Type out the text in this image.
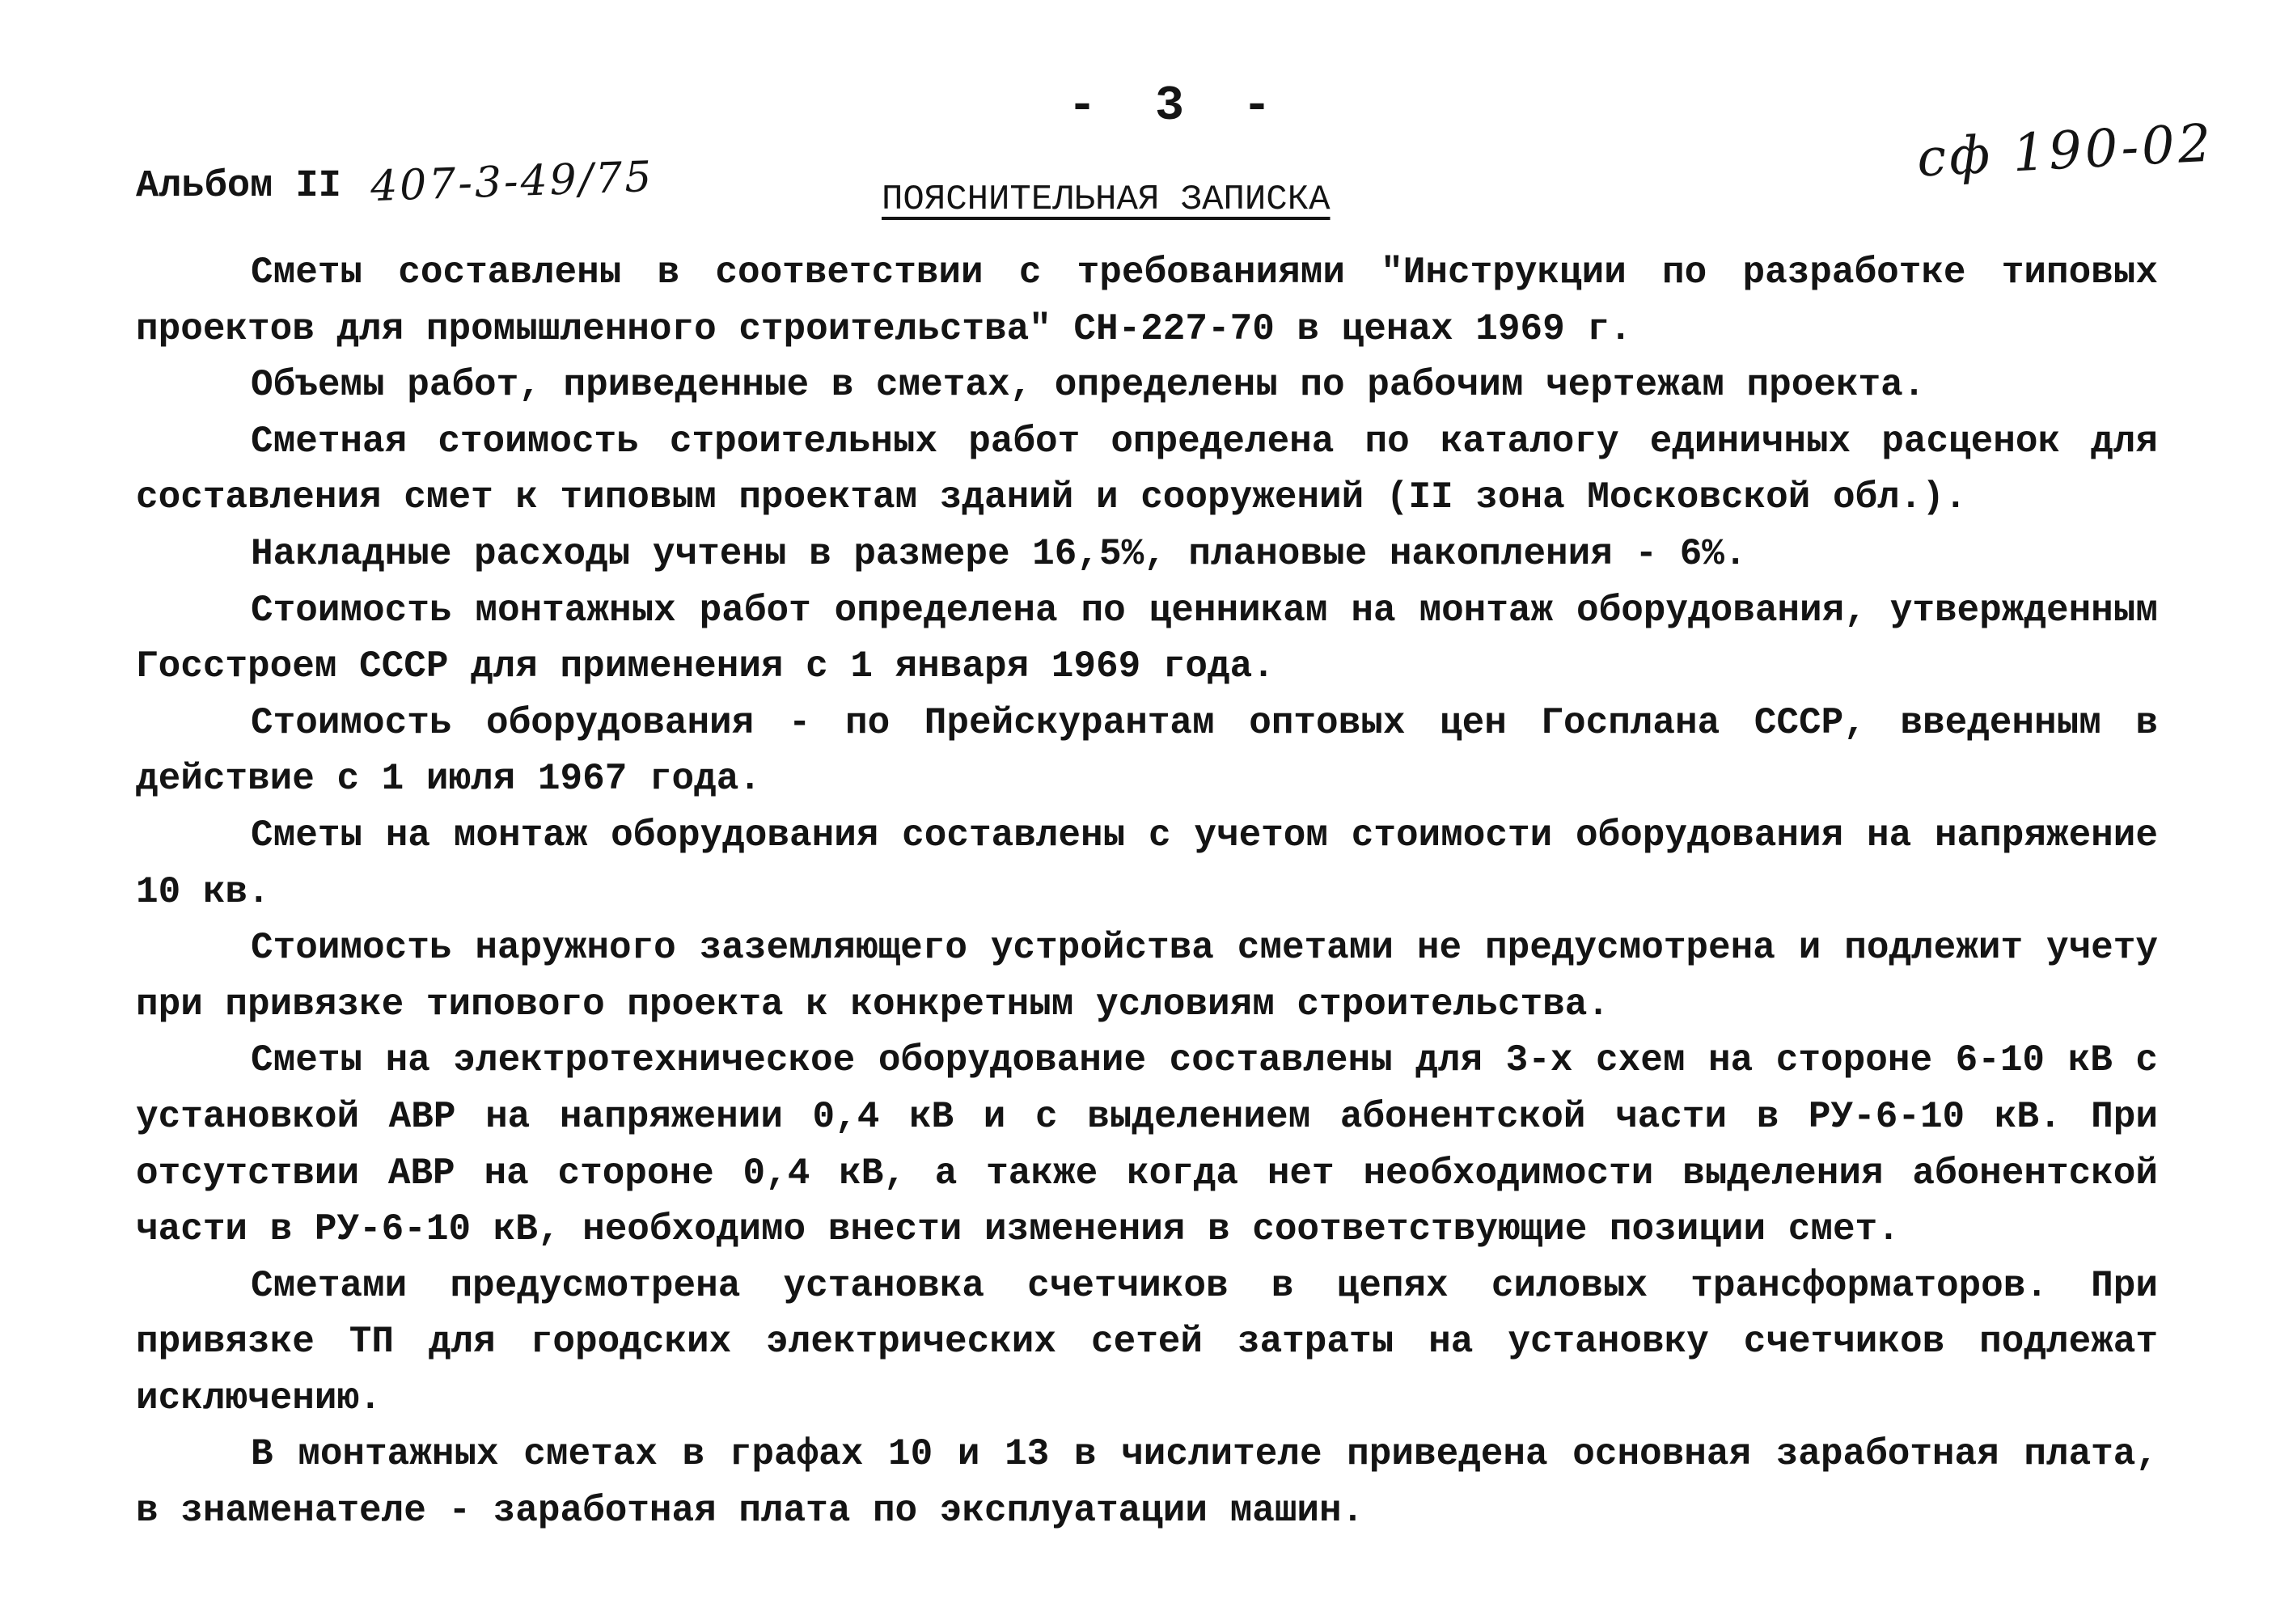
- 3 -
Альбом II 407-3-49/75	сф 190-02
ПОЯСНИТЕЛЬНАЯ ЗАПИСКА

Сметы составлены в соответствии с требованиями "Инструкции по разработке типовых проектов для промышленного строительства" СН-227-70 в ценах 1969 г.

Объемы работ, приведенные в сметах, определены по рабочим чертежам проекта.

Сметная стоимость строительных работ определена по каталогу единичных расценок для составления смет к типовым проектам зданий и сооружений (II зона Московской обл.).

Накладные расходы учтены в размере 16,5%, плановые накопления - 6%.

Стоимость монтажных работ определена по ценникам на монтаж оборудования, утвержденным Госстроем СССР для применения с 1 января 1969 года.

Стоимость оборудования - по Прейскурантам оптовых цен Госплана СССР, введенным в действие с 1 июля 1967 года.

Сметы на монтаж оборудования составлены с учетом стоимости оборудования на напряжение 10 кв.

Стоимость наружного заземляющего устройства сметами не предусмотрена и подлежит учету при привязке типового проекта к конкретным условиям строительства.

Сметы на электротехническое оборудование составлены для 3-х схем на стороне 6-10 кВ с установкой АВР на напряжении 0,4 кВ и с выделением абонентской части в РУ-6-10 кВ. При отсутствии АВР на стороне 0,4 кВ, а также когда нет необходимости выделения абонентской части в РУ-6-10 кВ, необходимо внести изменения в соответствующие позиции смет.

Сметами предусмотрена установка счетчиков в цепях силовых трансформаторов. При привязке ТП для городских электрических сетей затраты на установку счетчиков подлежат исключению.

В монтажных сметах в графах 10 и 13 в числителе приведена основная заработная плата, в знаменателе - заработная плата по эксплуатации машин.
